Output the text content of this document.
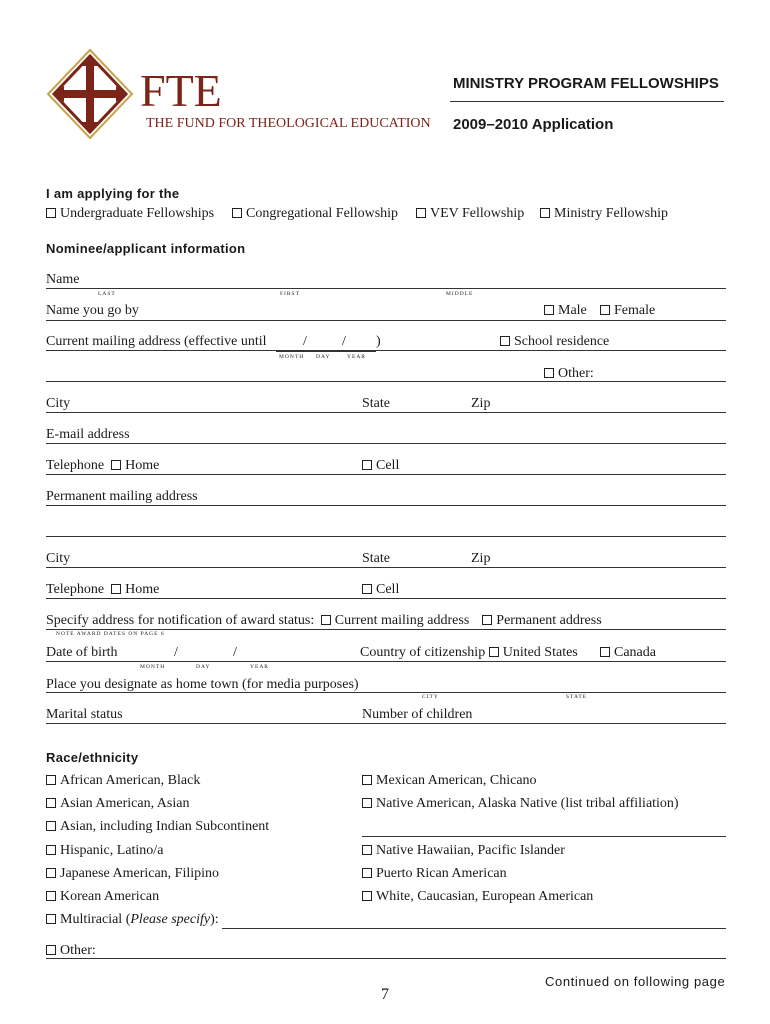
FTE
THE FUND FOR THEOLOGICAL EDUCATION
MINISTRY PROGRAM FELLOWSHIPS
2009–2010 Application
I am applying for the
Undergraduate Fellowships	Congregational Fellowship	VEV Fellowship	Ministry Fellowship
Nominee/applicant information
Name
LAST	FIRST	MIDDLE
Name you go by	Male	Female
Current mailing address (effective until	/	/ )	School residence
MONTH DAY	YEAR
Other:
City	State	Zip
E-mail address
Telephone Home	Cell
Permanent mailing address
City	State	Zip
Telephone Home	Cell
Specify address for notification of award status: Current mailing address Permanent address
NOTE AWARD DATES ON PAGE 6
Date of birth	/	/	Country of citizenship United States	Canada
MONTH	DAY	YEAR
Place you designate as home town (for media purposes)
CITY	STATE
Marital status	Number of children
Race/ethnicity
African American, Black
Asian American, Asian
Asian, including Indian Subcontinent
Hispanic, Latino/a
Japanese American, Filipino
Korean American
Multiracial (Please specify):
Mexican American, Chicano
Native American, Alaska Native (list tribal affiliation)
Native Hawaiian, Pacific Islander
Puerto Rican American
White, Caucasian, European American
Other:
Continued on following page
7
